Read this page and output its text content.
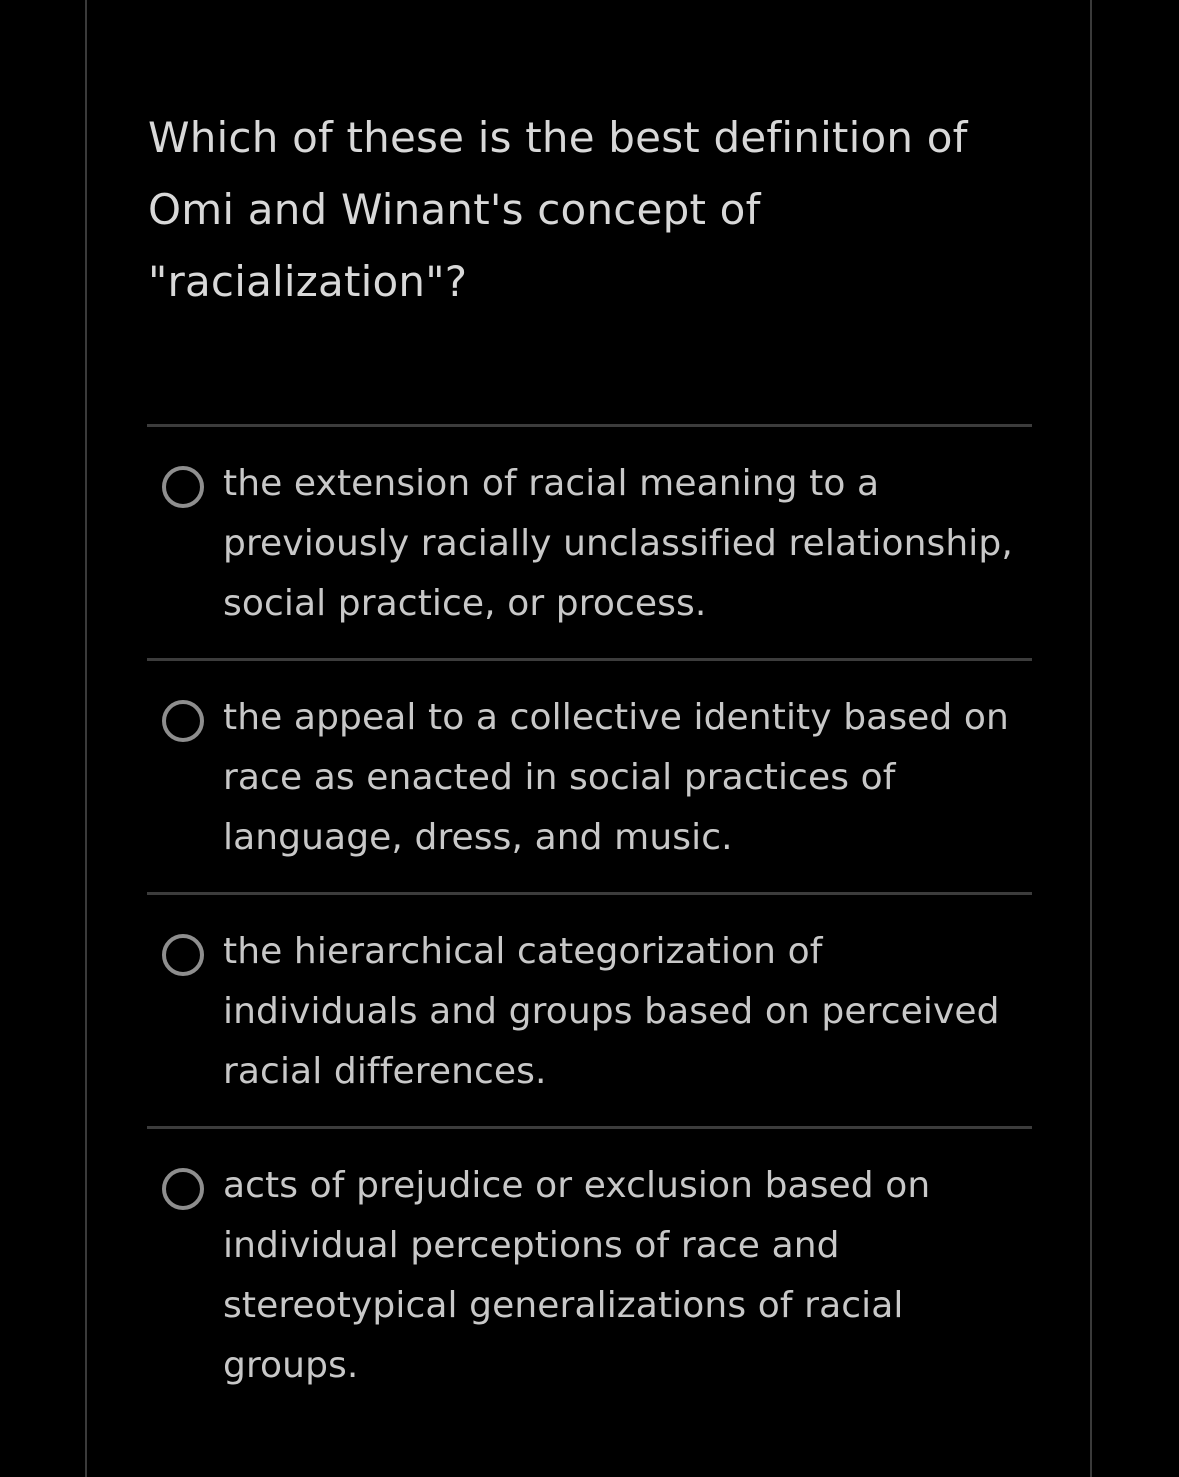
Which of these is the best definition of Omi and Winant's concept of "racialization"?
the extension of racial meaning to a previously racially unclassified relationship, social practice, or process.
the appeal to a collective identity based on race as enacted in social practices of language, dress, and music.
the hierarchical categorization of individuals and groups based on perceived racial differences.
acts of prejudice or exclusion based on individual perceptions of race and stereotypical generalizations of racial groups.
